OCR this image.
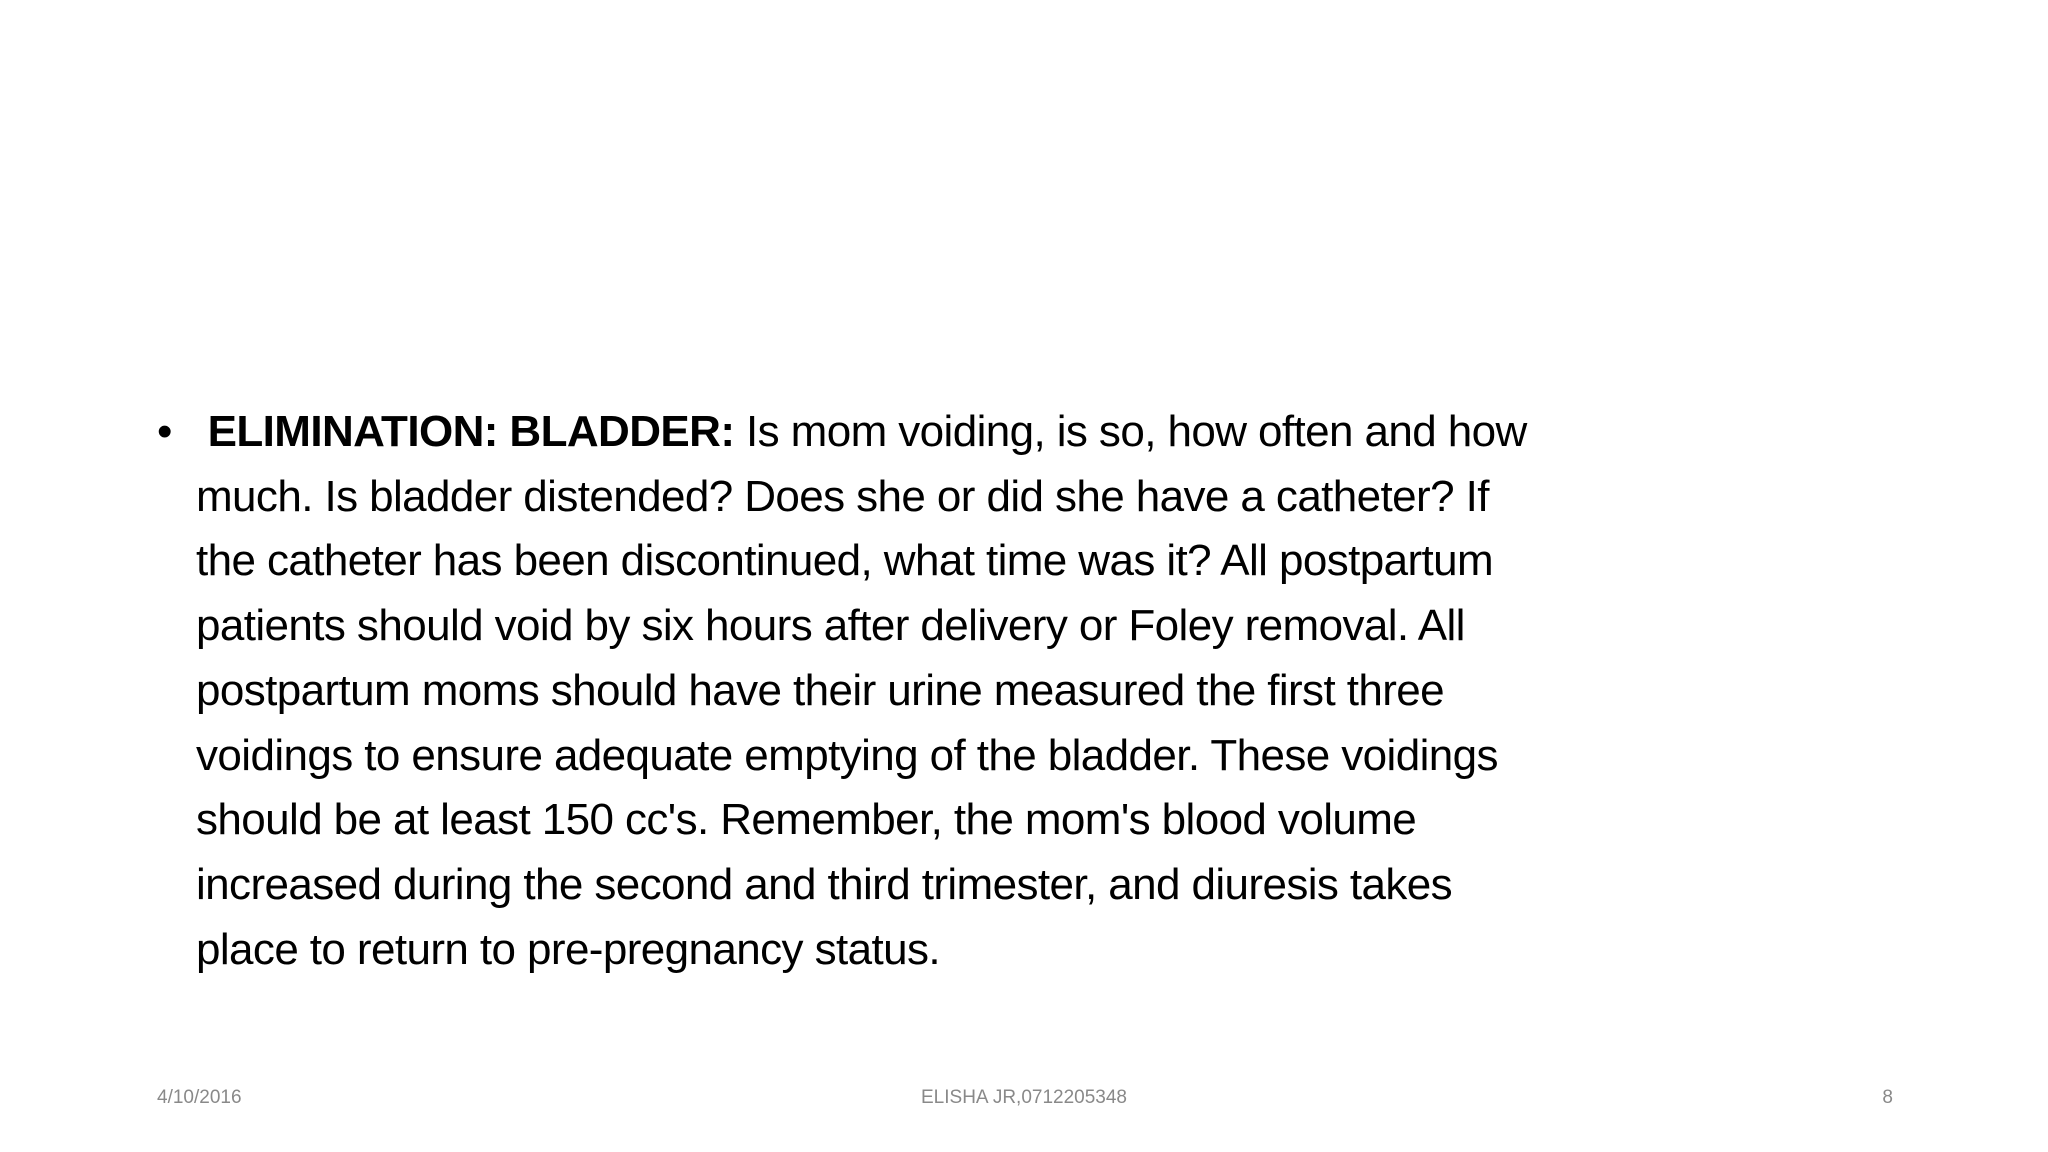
• ELIMINATION: BLADDER: Is mom voiding, is so, how often and how
much. Is bladder distended? Does she or did she have a catheter? If
the catheter has been discontinued, what time was it? All postpartum
patients should void by six hours after delivery or Foley removal. All
postpartum moms should have their urine measured the first three
voidings to ensure adequate emptying of the bladder. These voidings
should be at least 150 cc's. Remember, the mom's blood volume
increased during the second and third trimester, and diuresis takes
place to return to pre-pregnancy status.
4/10/2016	ELISHA JR,0712205348	8
